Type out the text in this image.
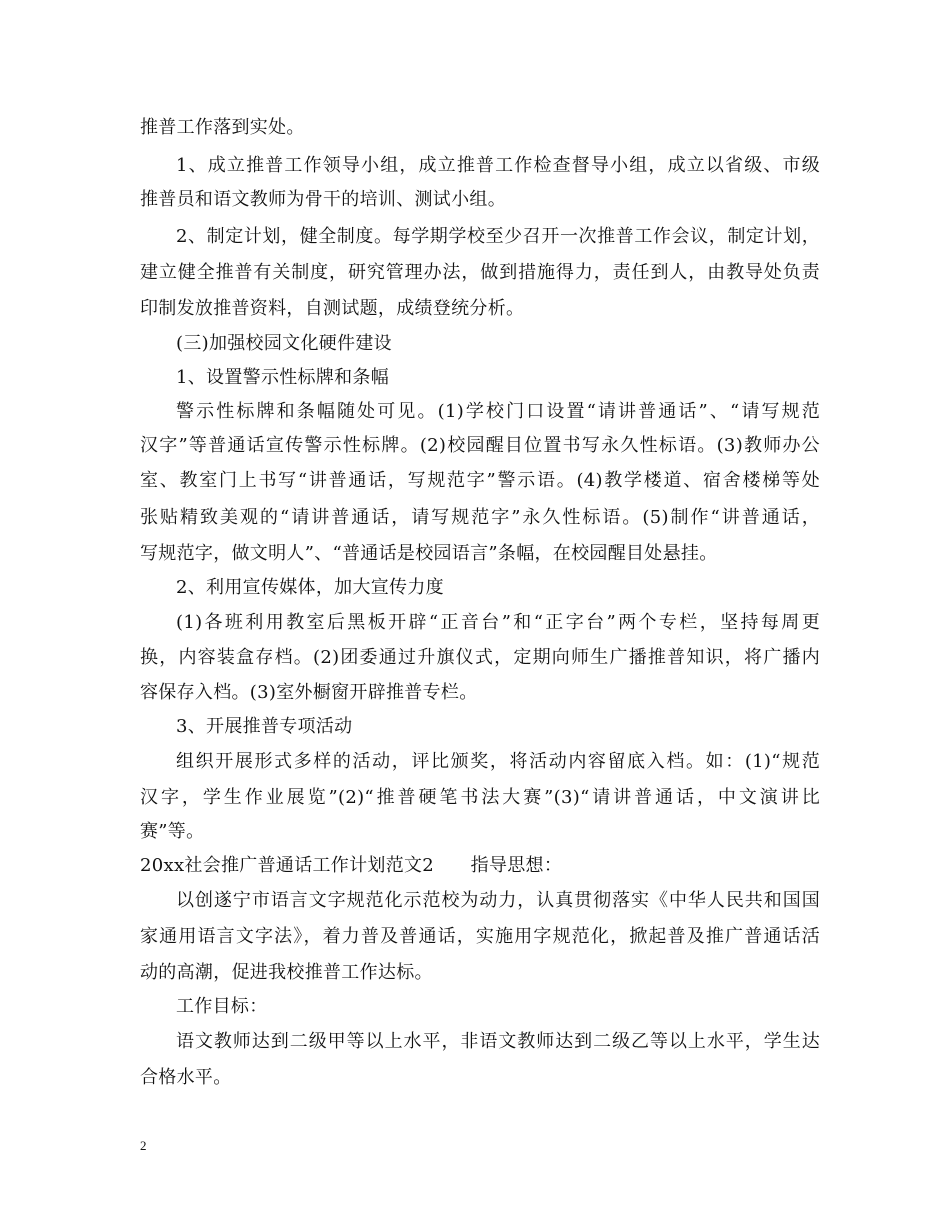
推普工作落到实处。
1、成立推普工作领导小组，成立推普工作检查督导小组，成立以省级、市级
推普员和语文教师为骨干的培训、测试小组。
2、制定计划，健全制度。每学期学校至少召开一次推普工作会议，制定计划，
建立健全推普有关制度，研究管理办法，做到措施得力，责任到人，由教导处负责
印制发放推普资料，自测试题，成绩登统分析。
(三)加强校园文化硬件建设
1、设置警示性标牌和条幅
警示性标牌和条幅随处可见。(1)学校门口设置“请讲普通话”、“请写规范
汉字”等普通话宣传警示性标牌。(2)校园醒目位置书写永久性标语。(3)教师办公
室、教室门上书写“讲普通话，写规范字”警示语。(4)教学楼道、宿舍楼梯等处
张贴精致美观的“请讲普通话，请写规范字”永久性标语。(5)制作“讲普通话，
写规范字，做文明人”、“普通话是校园语言”条幅，在校园醒目处悬挂。
2、利用宣传媒体，加大宣传力度
(1)各班利用教室后黑板开辟“正音台”和“正字台”两个专栏，坚持每周更
换，内容装盒存档。(2)团委通过升旗仪式，定期向师生广播推普知识，将广播内
容保存入档。(3)室外橱窗开辟推普专栏。
3、开展推普专项活动
组织开展形式多样的活动，评比颁奖，将活动内容留底入档。如：(1)“规范
汉字，学生作业展览”(2)“推普硬笔书法大赛”(3)“请讲普通话，中文演讲比
赛”等。
20xx社会推广普通话工作计划范文2　　指导思想：
以创遂宁市语言文字规范化示范校为动力，认真贯彻落实《中华人民共和国国
家通用语言文字法》，着力普及普通话，实施用字规范化，掀起普及推广普通话活
动的高潮，促进我校推普工作达标。
工作目标：
语文教师达到二级甲等以上水平，非语文教师达到二级乙等以上水平，学生达
合格水平。
2
